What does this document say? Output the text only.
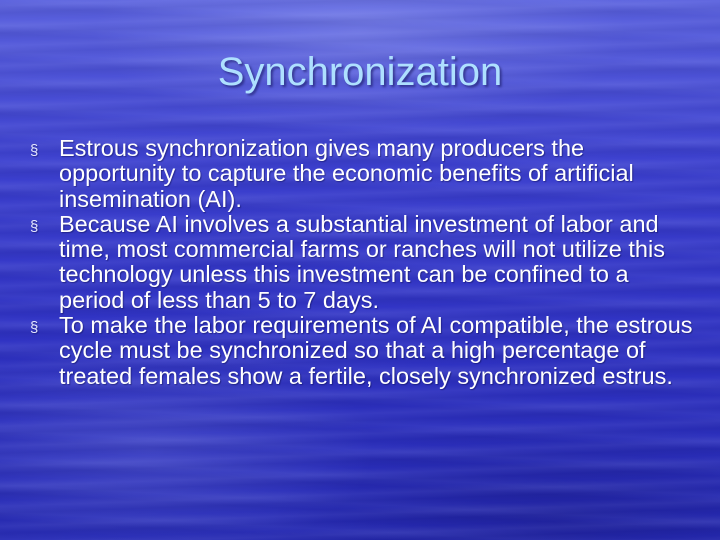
Synchronization
§ Estrous synchronization gives many producers the opportunity to capture the economic benefits of artificial insemination (AI).
§ Because AI involves a substantial investment of labor and time, most commercial farms or ranches will not utilize this technology unless this investment can be confined to a period of less than 5 to 7 days.
§ To make the labor requirements of AI compatible, the estrous cycle must be synchronized so that a high percentage of treated females show a fertile, closely synchronized estrus.
